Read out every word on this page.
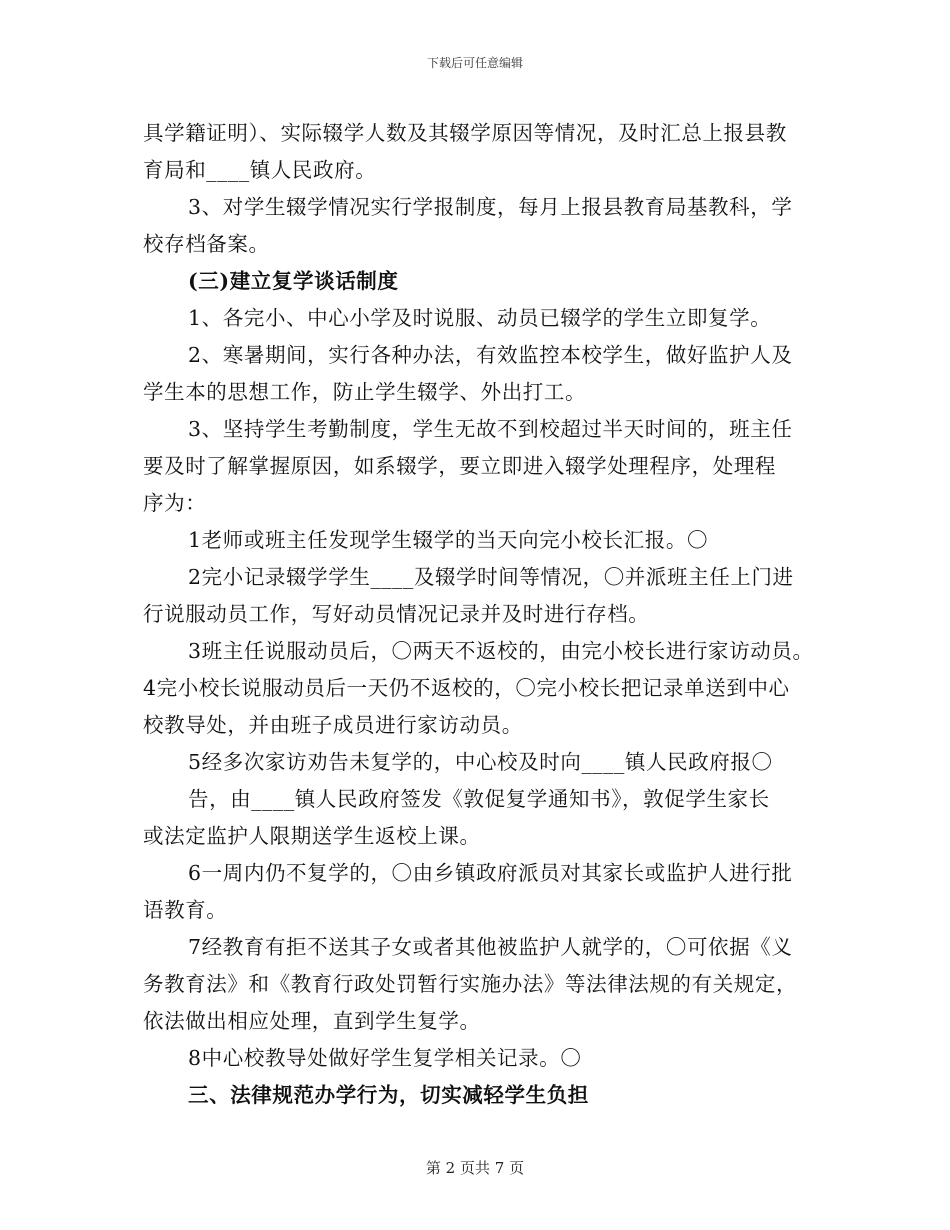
下载后可任意编辑
具学籍证明）、实际辍学人数及其辍学原因等情况，及时汇总上报县教
育局和____镇人民政府。
3、对学生辍学情况实行学报制度，每月上报县教育局基教科，学
校存档备案。
(三)建立复学谈话制度
1、各完小、中心小学及时说服、动员已辍学的学生立即复学。
2、寒暑期间，实行各种办法，有效监控本校学生，做好监护人及
学生本的思想工作，防止学生辍学、外出打工。
3、坚持学生考勤制度，学生无故不到校超过半天时间的，班主任
要及时了解掌握原因，如系辍学，要立即进入辍学处理程序，处理程
序为：
1老师或班主任发现学生辍学的当天向完小校长汇报。〇
2完小记录辍学学生____及辍学时间等情况，〇并派班主任上门进
行说服动员工作，写好动员情况记录并及时进行存档。
3班主任说服动员后，〇两天不返校的，由完小校长进行家访动员。
4完小校长说服动员后一天仍不返校的，〇完小校长把记录单送到中心
校教导处，并由班子成员进行家访动员。
5经多次家访劝告未复学的，中心校及时向____镇人民政府报〇
告，由____镇人民政府签发《敦促复学通知书》，敦促学生家长
或法定监护人限期送学生返校上课。
6一周内仍不复学的，〇由乡镇政府派员对其家长或监护人进行批
语教育。
7经教育有拒不送其子女或者其他被监护人就学的，〇可依据《义
务教育法》和《教育行政处罚暂行实施办法》等法律法规的有关规定，
依法做出相应处理，直到学生复学。
8中心校教导处做好学生复学相关记录。〇
三、法律规范办学行为，切实减轻学生负担
第 2 页共 7 页
